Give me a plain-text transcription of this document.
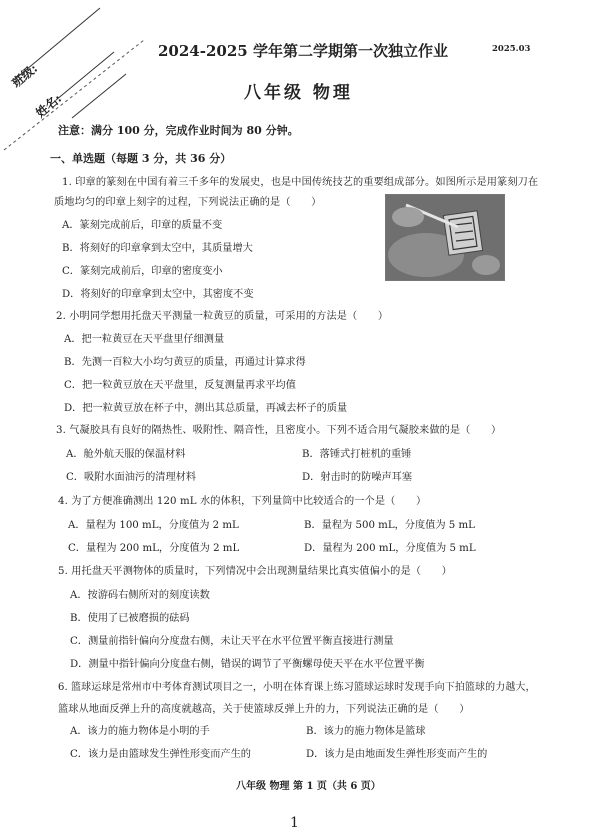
班级:
姓名:
2024-2025 学年第二学期第一次独立作业	2025.03
八年级 物理
注意：满分 100 分，完成作业时间为 80 分钟。
一、单选题（每题 3 分，共 36 分）
1. 印章的篆刻在中国有着三千多年的发展史，也是中国传统技艺的重要组成部分。如图所示是用篆刻刀在
质地均匀的印章上刻字的过程，下列说法正确的是（　　）
A．篆刻完成前后，印章的质量不变
B．将刻好的印章拿到太空中，其质量增大
C．篆刻完成前后，印章的密度变小
D．将刻好的印章拿到太空中，其密度不变
2. 小明同学想用托盘天平测量一粒黄豆的质量，可采用的方法是（　　）
A．把一粒黄豆在天平盘里仔细测量
B．先测一百粒大小均匀黄豆的质量，再通过计算求得
C．把一粒黄豆放在天平盘里，反复测量再求平均值
D．把一粒黄豆放在杯子中，测出其总质量，再减去杯子的质量
3. 气凝胶具有良好的隔热性、吸附性、隔音性，且密度小。下列不适合用气凝胶来做的是（　　）
A．舱外航天服的保温材料	B．落锤式打桩机的重锤
C．吸附水面油污的清理材料	D．射击时的防噪声耳塞
4. 为了方便准确测出 120 mL 水的体积，下列量筒中比较适合的一个是（　　）
A．量程为 100 mL，分度值为 2 mL	B．量程为 500 mL，分度值为 5 mL
C．量程为 200 mL，分度值为 2 mL	D．量程为 200 mL，分度值为 5 mL
5. 用托盘天平测物体的质量时，下列情况中会出现测量结果比真实值偏小的是（　　）
A．按游码右侧所对的刻度读数
B．使用了已被磨损的砝码
C．测量前指针偏向分度盘右侧，未让天平在水平位置平衡直接进行测量
D．测量中指针偏向分度盘右侧，错误的调节了平衡螺母使天平在水平位置平衡
6. 篮球运球是常州市中考体育测试项目之一，小明在体育课上练习篮球运球时发现手向下拍篮球的力越大，
篮球从地面反弹上升的高度就越高，关于使篮球反弹上升的力，下列说法正确的是（　　）
A．该力的施力物体是小明的手	B．该力的施力物体是篮球
C．该力是由篮球发生弹性形变而产生的	D．该力是由地面发生弹性形变而产生的
八年级 物理 第 1 页（共 6 页）
1
